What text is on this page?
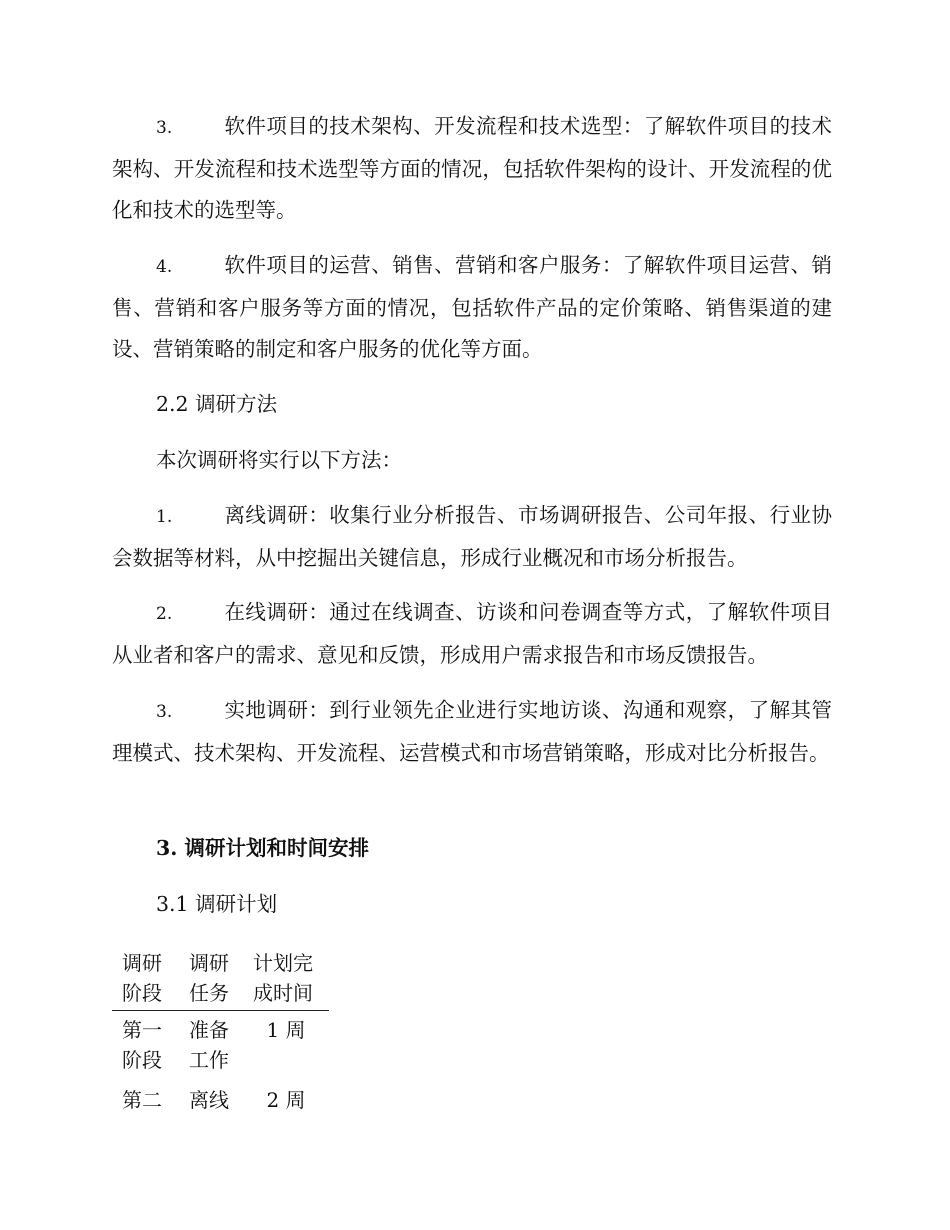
3.	软件项目的技术架构、开发流程和技术选型：了解软件项目的技术架构、开发流程和技术选型等方面的情况，包括软件架构的设计、开发流程的优化和技术的选型等。

4.	软件项目的运营、销售、营销和客户服务：了解软件项目运营、销售、营销和客户服务等方面的情况，包括软件产品的定价策略、销售渠道的建设、营销策略的制定和客户服务的优化等方面。

2.2 调研方法

本次调研将实行以下方法：

1.	离线调研：收集行业分析报告、市场调研报告、公司年报、行业协会数据等材料，从中挖掘出关键信息，形成行业概况和市场分析报告。

2.	在线调研：通过在线调查、访谈和问卷调查等方式，了解软件项目从业者和客户的需求、意见和反馈，形成用户需求报告和市场反馈报告。

3.	实地调研：到行业领先企业进行实地访谈、沟通和观察，了解其管理模式、技术架构、开发流程、运营模式和市场营销策略，形成对比分析报告。

3. 调研计划和时间安排

3.1 调研计划

调研阶段	调研任务	计划完成时间
第一阶段	准备工作	1 周
第二	离线	2 周
